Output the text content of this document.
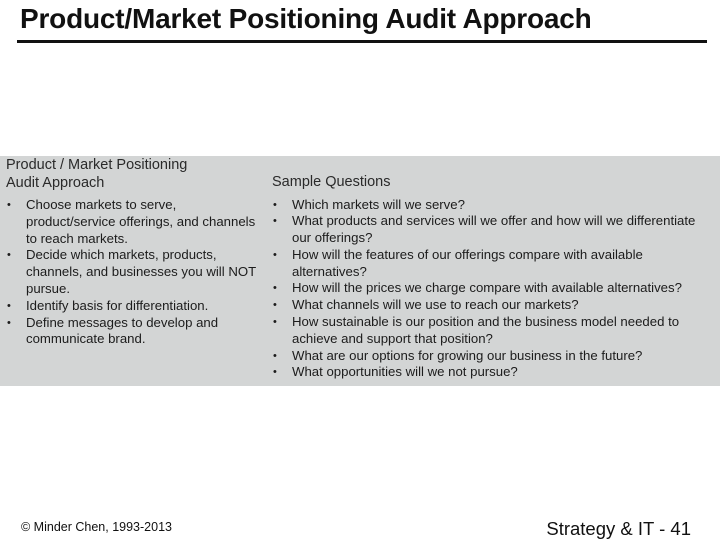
Product/Market Positioning Audit Approach
Product / Market Positioning
Audit Approach
• Choose markets to serve, product/service offerings, and channels to reach markets.
• Decide which markets, products, channels, and businesses you will NOT pursue.
• Identify basis for differentiation.
• Define messages to develop and communicate brand.
Sample Questions
• Which markets will we serve?
• What products and services will we offer and how will we differentiate our offerings?
• How will the features of our offerings compare with available alternatives?
• How will the prices we charge compare with available alternatives?
• What channels will we use to reach our markets?
• How sustainable is our position and the business model needed to achieve and support that position?
• What are our options for growing our business in the future?
• What opportunities will we not pursue?
© Minder Chen, 1993-2013	Strategy & IT - 41
